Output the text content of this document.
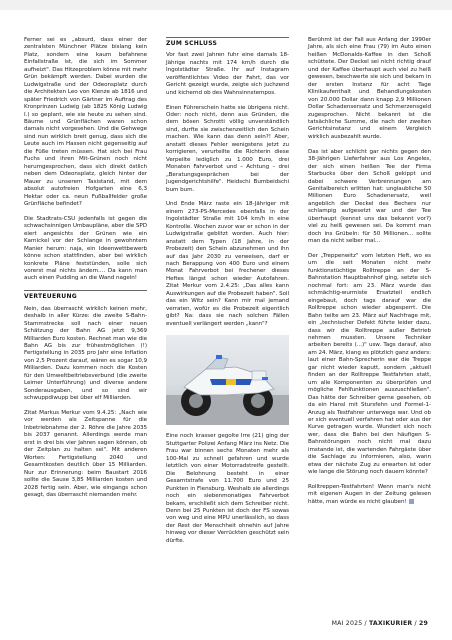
Ferner sei es „absurd, dass einer der zentralsten Münchner Plätze bislang kein Platz, sondern eine kaum befahrene Einfallstraße ist, die sich im Sommer aufheizt". Das Hitzeproblem könne mit mehr Grün bekämpft werden. Dabei wurden die Ludwigstraße und der Odeonsplatz durch die Architekten Leo von Klenze ab 1816 und später Friedrich von Gärtner im Auftrag des Kronprinzen Ludwig (ab 1825 König Ludwig I.) so geplant, wie sie heute zu sehen sind. Bäume und Grünflächen waren schon damals nicht vorgesehen. Und die Gehwege sind nun wirklich breit genug, dass sich die Leute auch im Hassen nicht gegenseitig auf die Füße treten müssen. Hat sich bei Frau Fuchs und ihren Mit-Grünen noch nicht herumgesprochen, dass sich direkt östlich neben dem Odeonsplatz, gleich hinter der Mauer zu unserem Taxistand, mit dem absolut autofreien Hofgarten eine 6,3 Hektar oder ca. neun Fußballfelder große Grünfläche befindet?

Die Stadtrats-CSU jedenfalls ist gegen die schwachsinnigen Umbaupläne, aber die SPD eiert angesichts der Grünen wie ein Karnickel vor der Schlange in gewohntem Manier herum: naja, ein Ideenwettbewerb könne schon stattfinden, aber bei wirklich konkrete Pläne feststünden, solle sich vorerst mal nichts ändern.... Da kann man auch einen Pudding an die Wand nageln!

VERTEUERUNG

Nein, das überrascht wirklich keinen mehr, deshalb in aller Kürze: die zweite S-Bahn-Stammstrecke soll nach einer neuen Schätzung der Bahn AG jetzt 9,369 Milliarden Euro kosten. Rechnet man wie die Bahn AG bis zur frühestmöglichen (!) Fertigstellung in 2035 pro Jahr eine Inflation von 2,5 Prozent darauf, wären es sogar 10,9 Milliarden. Dazu kommen noch die Kosten für den Umweltbeitriebsverbund (die zweite Leimer Unterführung) und diverse andere Sonderausgaben, und so sind wir schwuppdiwupp bei über elf Milliarden.

Zitat Markus Merkur vom 9.4.25: „Nach wie vor werden als Zeitspanne für die Inbetriebnahme der 2. Röhre die Jahre 2035 bis 2037 genannt. Allerdings werde man erst in drei bis vier Jahren sagen können, ob der Zeitplan zu halten sei". Mit anderen Worten: Fertigstellung 2040 und Gesamtkosten deutlich über 15 Milliarden. Nur zur Erinnerung: beim Baustart 2016 sollte die Sause 3,85 Milliarden kosten und 2028 fertig sein. Aber, wie eingangs schon gesagt, das überrascht niemanden mehr.

ZUM SCHLUSS

Vor fast zwei Jahren fuhr eine damals 18-Jährige nachts mit 174 km/h durch die Ingolstädter Straße. Ihr auf Instagram veröffentlichtes Video der Fahrt, das vor Gericht gezeigt wurde, zeigte sich juchzend und kichernd ob des Wahnsinnstempos.

Einen Führerschein hatte sie übrigens nicht. Oder: noch nicht, denn aus Gründen, die dem bösen Schrotti völlig unverständlich sind, durfte sie zwischenzeitlich den Schein machen. Wie kann das denn sein?! Aber, anstatt dieses Fehler wenigstens jetzt zu korrigieren, verurteilte die Richterin diese Verpeilte lediglich zu 1.000 Euro, drei Monaten Fahrverbot und – Achtung – drei „Beratungsgesprächen bei der Jugendgerichtshilfe". Heidschi Bumbeidschi bum bum.

Und Ende März raste ein 18-Jähriger mit einem 273-PS-Mercedes ebenfalls in der Ingolstädter Straße mit 104 km/h in eine Kontrolle. Wochen zuvor war er schon in der Ludwigstraße geblitzt worden. Auch hier: anstatt dem Typen (18 Jahre, in der Probezeit) den Schein abzunehmen und ihn auf das Jahr 2030 zu verweisen, darf er nach Berappung von 400 Euro und einem Monat Fahrverbot bei frechener dieses Heftes längst schon wieder Autofahren. Zitat Merkur vom 2.4.25: „Das alles kann Auswirkungen auf die Probezeit haben". Soll das ein Witz sein? Kann mir mal jemand verraten, wofür es die Probezeit eigentlich gibt? Na: dass sie nach solchen Fällen eventuell verlängert werden „kann"?

Eine noch krasser gegolte Irre (21) ging der Stuttgarter Polizei Anfang März ins Netz. Die Frau war binnen sechs Monaten mehr als 100-Mal zu schnell gefahren und wurde letztlich von einer Motorradstreife gestellt. Die Belohnung besteht in einer Gesamtstrafe von 11.700 Euro und 25 Punkten in Flensburg. Weshalb sie allerdings noch ein siebenmonatiges Fahrverbot bekam, erschließt sich dem Schreiber nicht. Denn bei 25 Punkten ist doch der FS sowas von weg und eine MPU unerlässlich, so dass der Rest der Menschheit ohnehin auf Jahre hinweg vor dieser Verrückten geschützt sein dürfte.

Berühmt ist der Fall aus Anfang der 1990er Jahre, als sich eine Frau (79) im Auto einen heißen McDonalds-Kaffee in den Schoß schüttete. Der Deckel sei nicht richtig drauf und der Kaffee überhaupt auch viel zu heiß gewesen, beschwerte sie sich und bekam in der ersten Instanz für acht Tage Klinikaufenthalt und Behandlungskosten von 20.000 Dollar dann knapp 2,9 Millionen Dollar Schadensersatz und Schmerzensgeld zugesprochen. Nicht bekannt ist die tatsächliche Summe, die nach der zweiten Gerichtsinstanz und einem Vergleich wirklich ausbezahlt wurde.

Das ist aber schlicht gar nichts gegen den 38-Jährigen Lieferfahrer aus Los Angeles, der sich einen heißen Tee der Firma Starbucks über den Schoß gekippt und dabei schwere Verbrennungen am Genitalbereich erlitten hat: unglaubliche 50 Millionen Euro Schadenersatz, weil angeblich der Deckel des Bechers nur schlampig aufgesetzt war und der Tee überhaupt (kennst uns das bekannt vor?) viel zu heiß gewesen sei. Da kommt man doch ins Grübeln: für 50 Millionen... sollte man da nicht selber mal...

Der „Treppenwitz" vom letzten Heft, wo es um die seit Monaten nicht mehr funktionstüchtige Rolltreppe an der S-Bahnstation Hauptbahnhof ging, setzte sich nochmal fort: am 23. März wurde das schmächtig-wurmiste Ersatzteil endlich eingebaut, doch tags darauf war die Rolltreppe schon wieder abgesperrt. Die Bahn teilte am 23. März auf Nachfrage mit, ein „technischer Defekt führte leider dazu, dass wir die Rolltreppe außer Betrieb nehmen mussten. Unsere Techniker arbeiten bereits (...)" usw. Tags darauf, also am 24. März, klang es plötzlich ganz anders: laut einer Bahn-Sprecherin war die Treppe gar nicht wieder kaputt, sondern „aktuell finden an der Rolltreppe Testfahrten statt, um alle Komponenten zu überprüfen und mögliche Fehlfunktionen auszuschließen". Das hätte der Schreiber gerne gesehen, ob da ein Hansl mit Stursfehn und Formel-1-Anzug als Testfahrer unterwegs war. Und ob er sich eventuell verfahren hat oder aus der Kurve getragen wurde. Wundert sich noch wer, dass die Bahn bei den häufigen S-Bahnstörungen noch nicht mal dazu imstande ist, die wartenden Fahrgäste über die Sachlage zu informieren, also, wann etwa der nächste Zug zu erwarten ist oder wie lange die Störung noch dauern könnte?

Rolltreppen-Testfahrten! Wenn man's nicht mit eigenen Augen in der Zeitung gelesen hätte, man würde es nicht glauben!

MAI 2025 / TAXIKURIER / 29
